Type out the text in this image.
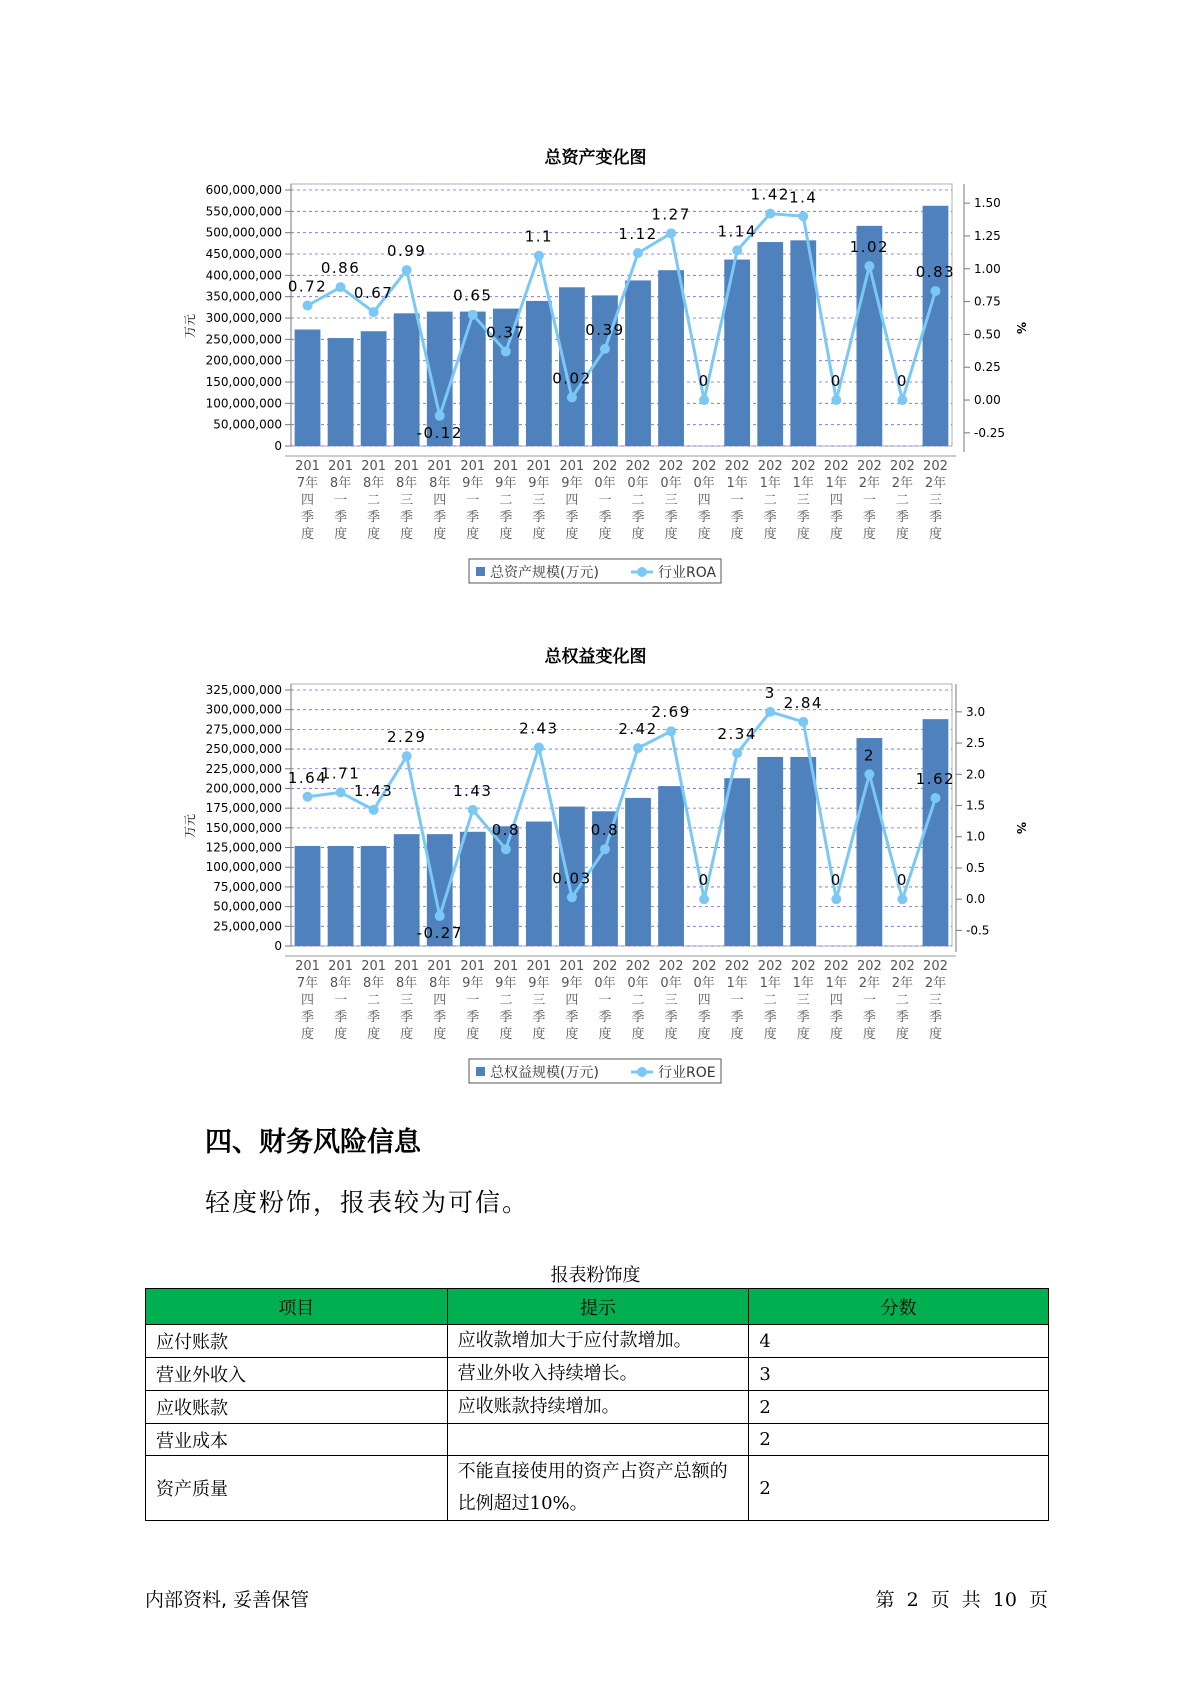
总资产变化图
0
50,000,000
100,000,000
150,000,000
200,000,000
250,000,000
300,000,000
350,000,000
400,000,000
450,000,000
500,000,000
550,000,000
600,000,000
万元
-0.25
0.00
0.25
0.50
0.75
1.00
1.25
1.50
%
201
7年
四
季
度
201
8年
一
季
度
201
8年
二
季
度
201
8年
三
季
度
201
8年
四
季
度
201
9年
一
季
度
201
9年
二
季
度
201
9年
三
季
度
201
9年
四
季
度
202
0年
一
季
度
202
0年
二
季
度
202
0年
三
季
度
202
0年
四
季
度
202
1年
一
季
度
202
1年
二
季
度
202
1年
三
季
度
202
1年
四
季
度
202
2年
一
季
度
202
2年
二
季
度
202
2年
三
季
度
0.72
0.86
0.67
0.99
-0.12
0.65
0.37
1.1
0.02
0.39
1.12
1.27
0
1.14
1.42 1.4
0
1.02
0
0.83
总资产规模(万元)	行业ROA
总权益变化图
0
25,000,000
50,000,000
75,000,000
100,000,000
125,000,000
150,000,000
175,000,000
200,000,000
225,000,000
250,000,000
275,000,000
300,000,000
325,000,000
万元
-0.5
0.0
0.5
1.0
1.5
2.0
2.5
3.0
%
201
7年
四
季
度
201
8年
一
季
度
201
8年
二
季
度
201
8年
三
季
度
201
8年
四
季
度
201
9年
一
季
度
201
9年
二
季
度
201
9年
三
季
度
201
9年
四
季
度
202
0年
一
季
度
202
0年
二
季
度
202
0年
三
季
度
202
0年
四
季
度
202
1年
一
季
度
202
1年
二
季
度
202
1年
三
季
度
202
1年
四
季
度
202
2年
一
季
度
202
2年
二
季
度
202
2年
三
季
度
1.64
1.71
1.43
2.29
-0.27
1.43
0.8
2.43
0.03
0.8
2.42
2.69
0
2.34
3
2.84
0
2
0
1.62
总权益规模(万元)	行业ROE
四、财务风险信息
轻度粉饰，报表较为可信。
报表粉饰度
项目	提示	分数
应付账款	应收款增加大于应付款增加。	4
营业外收入	营业外收入持续增长。	3
应收账款	应收账款持续增加。	2
营业成本		2
资产质量	不能直接使用的资产占资产总额的比例超过10%。	2
内部资料, 妥善保管	第 2 页 共 10 页
